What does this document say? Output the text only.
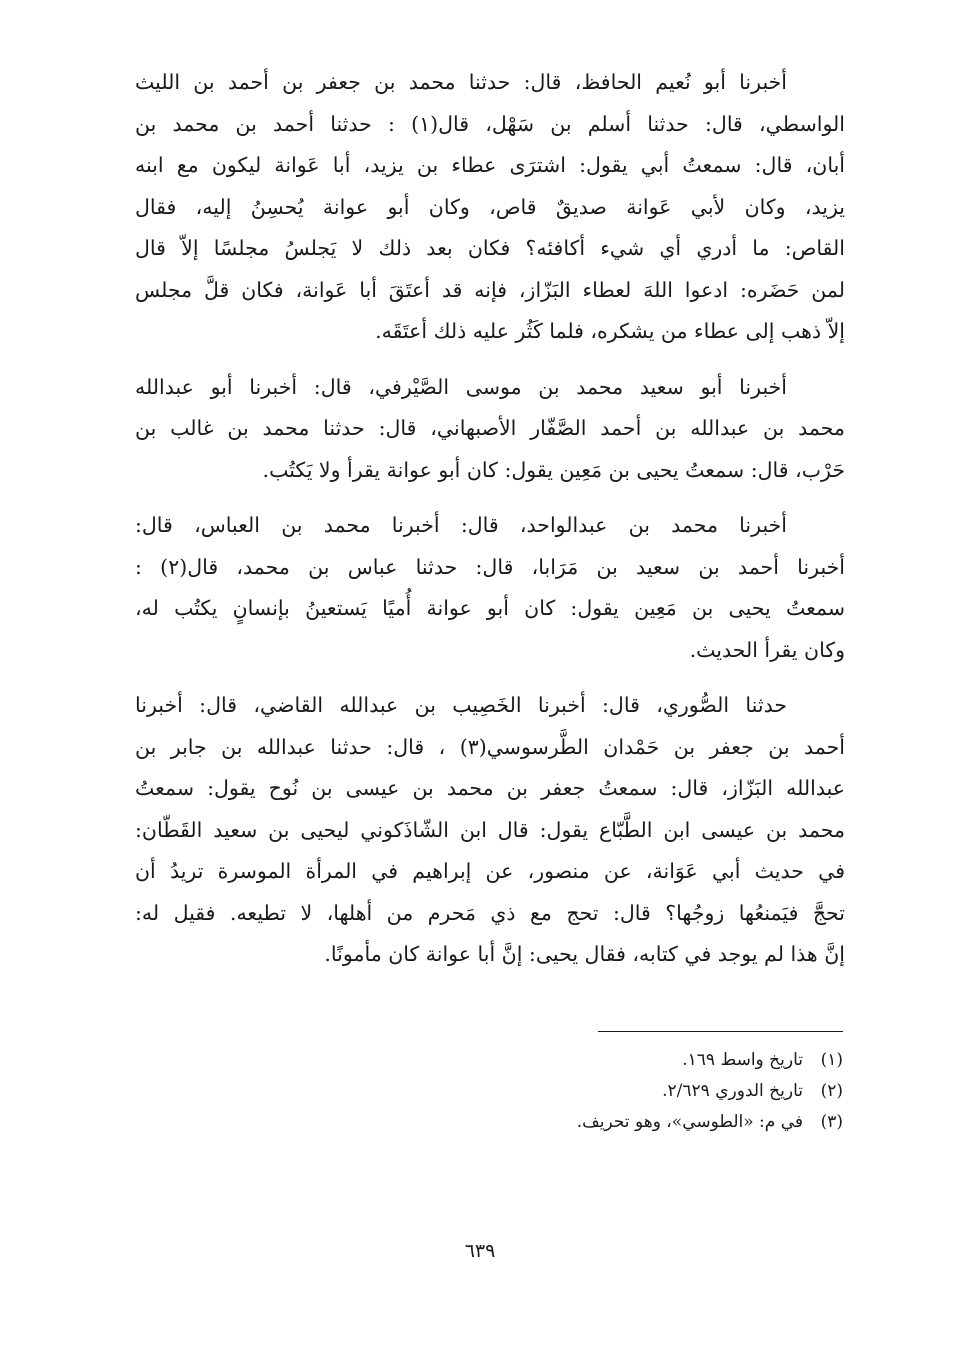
أخبرنا أبو نُعيم الحافظ، قال: حدثنا محمد بن جعفر بن أحمد بن الليث
الواسطي، قال: حدثنا أسلم بن سَهْل، قال(١) : حدثنا أحمد بن محمد بن
أبان، قال: سمعتُ أبي يقول: اشترَى عطاء بن يزيد، أبا عَوانة ليكون مع ابنه
يزيد، وكان لأبي عَوانة صديقٌ قاص، وكان أبو عوانة يُحسِنُ إليه، فقال
القاص: ما أدري أي شيء أكافئه؟ فكان بعد ذلك لا يَجلسُ مجلسًا إلاّ قال
لمن حَضَره: ادعوا اللهَ لعطاء البَزّاز، فإنه قد أعتَقَ أبا عَوانة، فكان قلَّ مجلس
إلاّ ذهب إلى عطاء من يشكره، فلما كَثُر عليه ذلك أعتَقَه.

أخبرنا أبو سعيد محمد بن موسى الصَّيْرفي، قال: أخبرنا أبو عبدالله
محمد بن عبدالله بن أحمد الصَّفّار الأصبهاني، قال: حدثنا محمد بن غالب بن
حَرْب، قال: سمعتُ يحيى بن مَعِين يقول: كان أبو عوانة يقرأ ولا يَكتُب.

أخبرنا محمد بن عبدالواحد، قال: أخبرنا محمد بن العباس، قال:
أخبرنا أحمد بن سعيد بن مَرَابا، قال: حدثنا عباس بن محمد، قال(٢) :
سمعتُ يحيى بن مَعِين يقول: كان أبو عوانة أُميًا يَستعينُ بإنسانٍ يكتُب له،
وكان يقرأ الحديث.

حدثنا الصُّوري، قال: أخبرنا الخَصِيب بن عبدالله القاضي، قال: أخبرنا
أحمد بن جعفر بن حَمْدان الطَّرسوسي(٣) ، قال: حدثنا عبدالله بن جابر بن
عبدالله البَزّاز، قال: سمعتُ جعفر بن محمد بن عيسى بن نُوح يقول: سمعتُ
محمد بن عيسى ابن الطَّبّاع يقول: قال ابن الشّاذَكوني ليحيى بن سعيد القَطّان:
في حديث أبي عَوَانة، عن منصور، عن إبراهيم في المرأة الموسرة تريدُ أن
تحجَّ فيَمنعُها زوجُها؟ قال: تحج مع ذي مَحرم من أهلها، لا تطيعه. فقيل له:
إنَّ هذا لم يوجد في كتابه، فقال يحيى: إنَّ أبا عوانة كان مأمونًا.

(١)تاريخ واسط ١٦٩.
(٢)تاريخ الدوري ٢/٦٢٩.
(٣)في م: «الطوسي»، وهو تحريف.
٦٣٩
